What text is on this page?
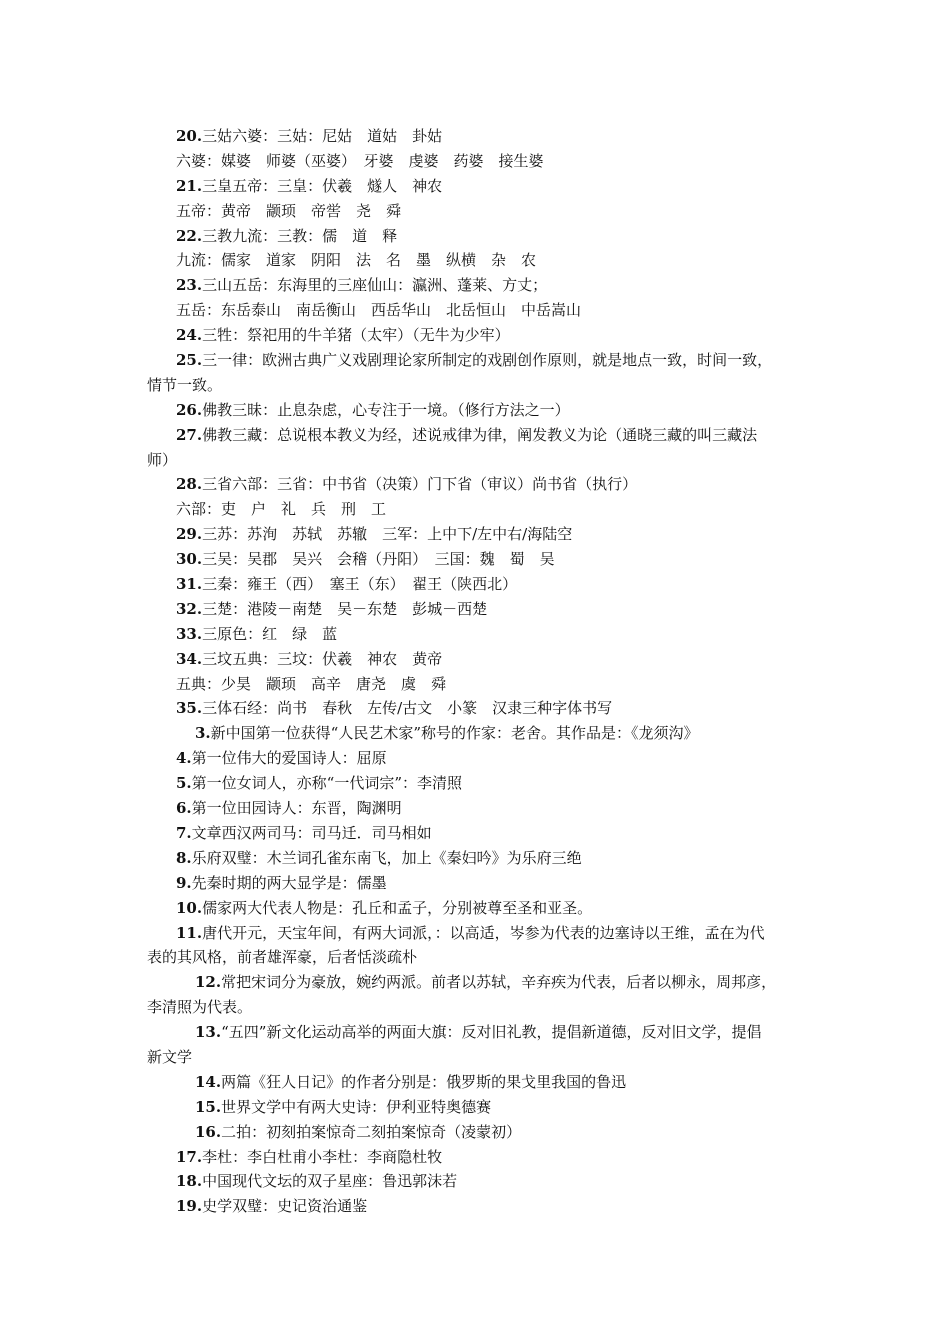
20.三姑六婆：三姑：尼姑　道姑　卦姑
六婆：媒婆　师婆（巫婆）　牙婆　虔婆　药婆　接生婆
21.三皇五帝：三皇：伏羲　燧人　神农
五帝：黄帝　颛顼　帝喾　尧　舜
22.三教九流：三教：儒　道　释
九流：儒家　道家　阴阳　法　名　墨　纵横　杂　农
23.三山五岳：东海里的三座仙山：瀛洲、蓬莱、方丈；
五岳：东岳泰山　南岳衡山　西岳华山　北岳恒山　中岳嵩山
24.三牲：祭祀用的牛羊猪（太牢）（无牛为少牢）
25.三一律：欧洲古典广义戏剧理论家所制定的戏剧创作原则，就是地点一致，时间一致，
情节一致。
26.佛教三昧：止息杂虑，心专注于一境。（修行方法之一）
27.佛教三藏：总说根本教义为经，述说戒律为律，阐发教义为论（通晓三藏的叫三藏法
师）
28.三省六部：三省：中书省（决策）门下省（审议）尚书省（执行）
六部：吏　户　礼　兵　刑　工
29.三苏：苏洵　苏轼　苏辙　三军：上中下/左中右/海陆空
30.三吴：吴郡　吴兴　会稽（丹阳）　三国：魏　蜀　吴
31.三秦：雍王（西）　塞王（东）　翟王（陕西北）
32.三楚：港陵－南楚　吴－东楚　彭城－西楚
33.三原色：红　绿　蓝
34.三坟五典：三坟：伏羲　神农　黄帝
五典：少昊　颛顼　高辛　唐尧　虞　舜
35.三体石经：尚书　春秋　左传/古文　小篆　汉隶三种字体书写
3.新中国第一位获得“人民艺术家”称号的作家：老舍。其作品是：《龙须沟》
4.第一位伟大的爱国诗人：屈原
5.第一位女词人，亦称“一代词宗”：李清照
6.第一位田园诗人：东晋，陶渊明
7.文章西汉两司马：司马迁．司马相如
8.乐府双璧：木兰词孔雀东南飞，加上《秦妇吟》为乐府三绝
9.先秦时期的两大显学是：儒墨
10.儒家两大代表人物是：孔丘和孟子，分别被尊至圣和亚圣。
11.唐代开元，天宝年间，有两大词派，：以高适，岑参为代表的边塞诗以王维，孟在为代
表的其风格，前者雄浑豪，后者恬淡疏朴
12.常把宋词分为豪放，婉约两派。前者以苏轼，辛弃疾为代表，后者以柳永，周邦彦，
李清照为代表。
13.“五四”新文化运动高举的两面大旗：反对旧礼教，提倡新道德，反对旧文学，提倡
新文学
14.两篇《狂人日记》的作者分别是：俄罗斯的果戈里我国的鲁迅
15.世界文学中有两大史诗：伊利亚特奥德赛
16.二拍：初刻拍案惊奇二刻拍案惊奇（凌蒙初）
17.李杜：李白杜甫小李杜：李商隐杜牧
18.中国现代文坛的双子星座：鲁迅郭沫若
19.史学双璧：史记资治通鉴
